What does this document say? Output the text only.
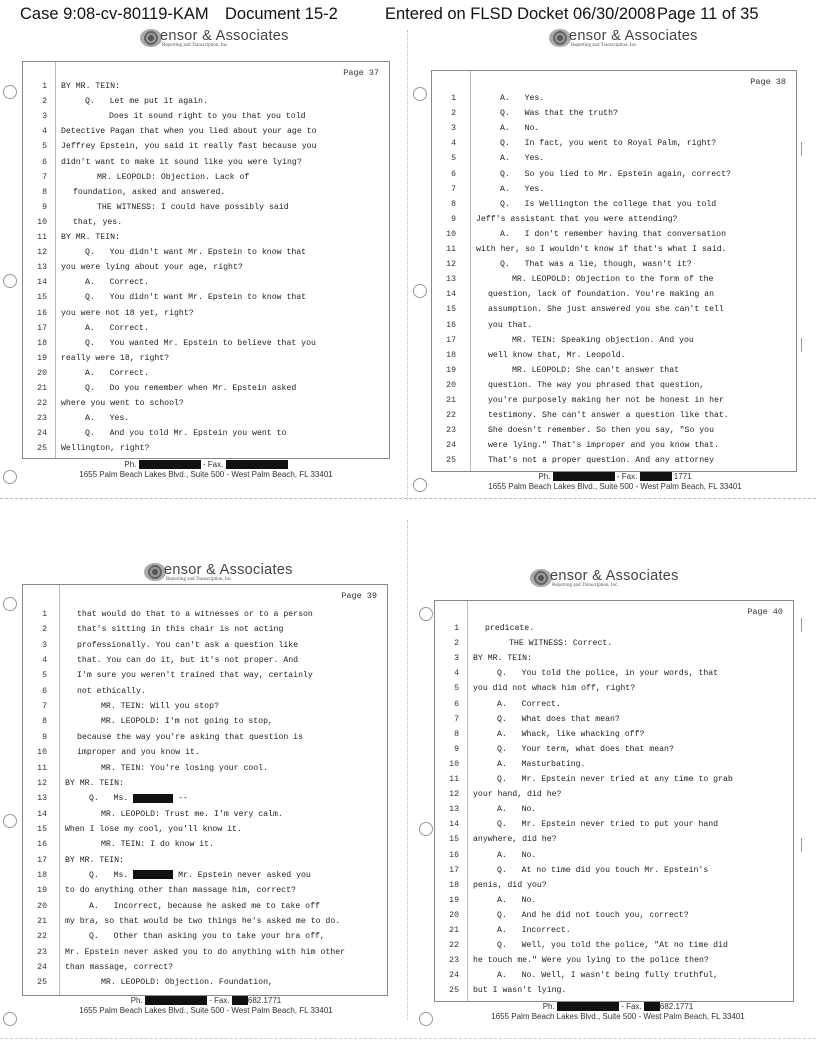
Case 9:08-cv-80119-KAM Document 15-2	Entered on FLSD Docket 06/30/2008 Page 11 of 35
ensor & Associates
Reporting and Transcription, Inc.
Page 37
1 BY MR. TEIN:
2	Q.   Let me put it again.
3	Does it sound right to you that you told
4 Detective Pagan that when you lied about your age to
5 Jeffrey Epstein, you said it really fast because you
6 didn't want to make it sound like you were lying?
7	MR. LEOPOLD: Objection. Lack of
8	foundation, asked and answered.
9	THE WITNESS: I could have possibly said
10	that, yes.
11 BY MR. TEIN:
12	Q.   You didn't want Mr. Epstein to know that
13 you were lying about your age, right?
14	A.   Correct.
15	Q.   You didn't want Mr. Epstein to know that
16 you were not 18 yet, right?
17	A.   Correct.
18	Q.   You wanted Mr. Epstein to believe that you
19 really were 18, right?
20	A.   Correct.
21	Q.   Do you remember when Mr. Epstein asked
22 where you went to school?
23	A.   Yes.
24	Q.   And you told Mr. Epstein you went to
25 Wellington, right?
Ph.	- Fax.
1655 Palm Beach Lakes Blvd., Suite 500 - West Palm Beach, FL 33401
ensor & Associates
Reporting and Transcription, Inc.
Page 38
1	A.   Yes.
2	Q.   Was that the truth?
3	A.   No.
4	Q.   In fact, you went to Royal Palm, right?
5	A.   Yes.
6	Q.   So you lied to Mr. Epstein again, correct?
7	A.   Yes.
8	Q.   Is Wellington the college that you told
9 Jeff's assistant that you were attending?
10	A.   I don't remember having that conversation
11 with her, so I wouldn't know if that's what I said.
12	Q.   That was a lie, though, wasn't it?
13	MR. LEOPOLD: Objection to the form of the
14	question, lack of foundation. You're making an
15	assumption. She just answered you she can't tell
16	you that.
17	MR. TEIN: Speaking objection. And you
18	well know that, Mr. Leopold.
19	MR. LEOPOLD: She can't answer that
20	question. The way you phrased that question,
21	you're purposely making her not be honest in her
22	testimony. She can't answer a question like that.
23	She doesn't remember. So then you say, "So you
24	were lying." That's improper and you know that.
25	That's not a proper question. And any attorney
Ph.	- Fax.	1771
1655 Palm Beach Lakes Blvd., Suite 500 - West Palm Beach, FL 33401
ensor & Associates
Reporting and Transcription, Inc.
Page 39
1	that would do that to a witnesses or to a person
2	that's sitting in this chair is not acting
3	professionally. You can't ask a question like
4	that. You can do it, but it's not proper. And
5	I'm sure you weren't trained that way, certainly
6	not ethically.
7	MR. TEIN: Will you stop?
8	MR. LEOPOLD: I'm not going to stop,
9	because the way you're asking that question is
10	improper and you know it.
11	MR. TEIN: You're losing your cool.
12 BY MR. TEIN:
13	Q.   Ms.	--
14	MR. LEOPOLD: Trust me. I'm very calm.
15 When I lose my cool, you'll know it.
16	MR. TEIN: I do know it.
17 BY MR. TEIN:
18	Q.   Ms.	Mr. Epstein never asked you
19 to do anything other than massage him, correct?
20	A.   Incorrect, because he asked me to take off
21 my bra, so that would be two things he's asked me to do.
22	Q.   Other than asking you to take your bra off,
23 Mr. Epstein never asked you to do anything with him other
24 than massage, correct?
25	MR. LEOPOLD: Objection. Foundation,
Ph.	- Fax. 682.1771
1655 Palm Beach Lakes Blvd., Suite 500 - West Palm Beach, FL 33401
ensor & Associates
Reporting and Transcription, Inc.
Page 40
1	predicate.
2	THE WITNESS: Correct.
3 BY MR. TEIN:
4	Q.   You told the police, in your words, that
5 you did not whack him off, right?
6	A.   Correct.
7	Q.   What does that mean?
8	A.   Whack, like whacking off?
9	Q.   Your term, what does that mean?
10	A.   Masturbating.
11	Q.   Mr. Epstein never tried at any time to grab
12 your hand, did he?
13	A.   No.
14	Q.   Mr. Epstein never tried to put your hand
15 anywhere, did he?
16	A.   No.
17	Q.   At no time did you touch Mr. Epstein's
18 penis, did you?
19	A.   No.
20	Q.   And he did not touch you, correct?
21	A.   Incorrect.
22	Q.   Well, you told the police, "At no time did
23 he touch me." Were you lying to the police then?
24	A.   No. Well, I wasn't being fully truthful,
25 but I wasn't lying.
Ph.	- Fax. 682.1771
1655 Palm Beach Lakes Blvd., Suite 500 - West Palm Beach, FL 33401
